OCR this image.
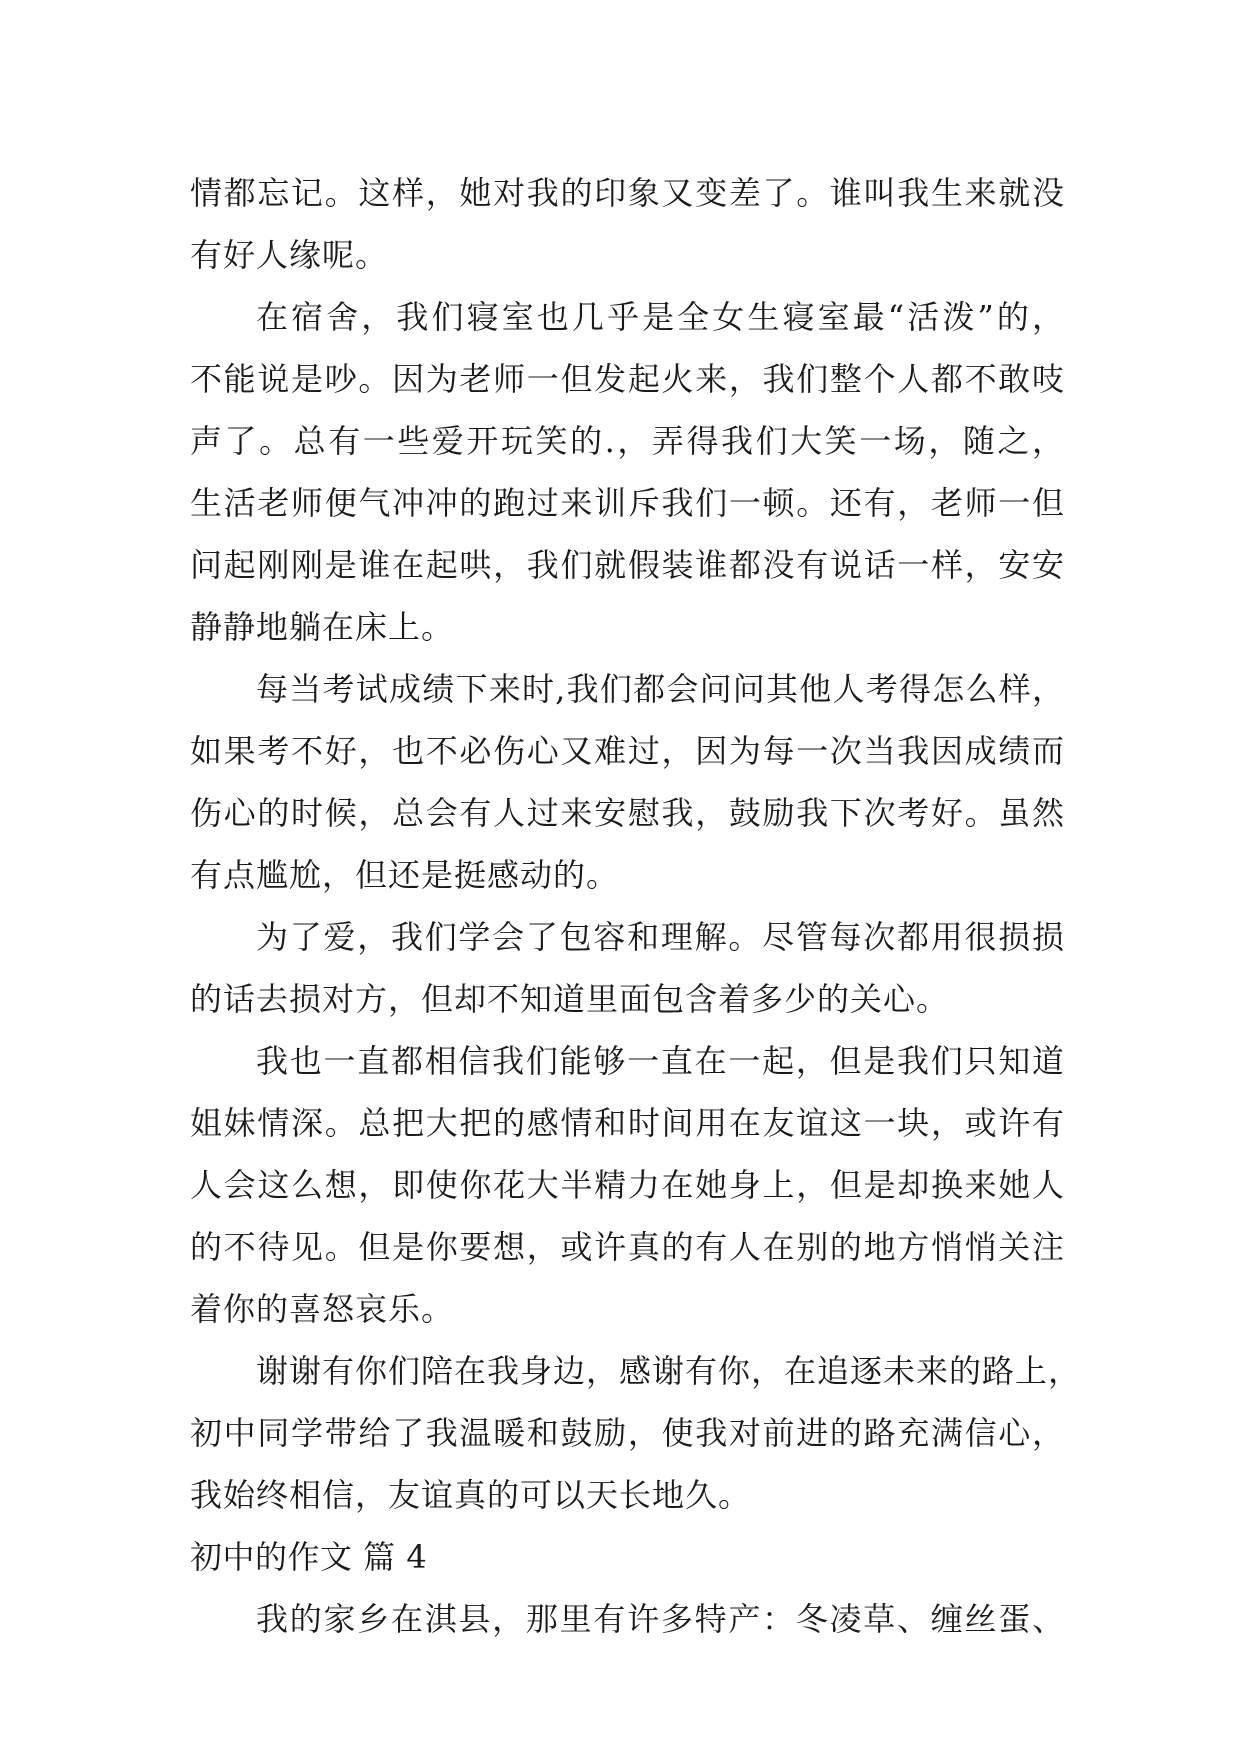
情都忘记。这样，她对我的印象又变差了。谁叫我生来就没
有好人缘呢。
在宿舍，我们寝室也几乎是全女生寝室最“活泼”的，
不能说是吵。因为老师一但发起火来，我们整个人都不敢吱
声了。总有一些爱开玩笑的.，弄得我们大笑一场，随之，
生活老师便气冲冲的跑过来训斥我们一顿。还有，老师一但
问起刚刚是谁在起哄，我们就假装谁都没有说话一样，安安
静静地躺在床上。
每当考试成绩下来时,我们都会问问其他人考得怎么样，
如果考不好，也不必伤心又难过，因为每一次当我因成绩而
伤心的时候，总会有人过来安慰我，鼓励我下次考好。虽然
有点尴尬，但还是挺感动的。
为了爱，我们学会了包容和理解。尽管每次都用很损损
的话去损对方，但却不知道里面包含着多少的关心。
我也一直都相信我们能够一直在一起，但是我们只知道
姐妹情深。总把大把的感情和时间用在友谊这一块，或许有
人会这么想，即使你花大半精力在她身上，但是却换来她人
的不待见。但是你要想，或许真的有人在别的地方悄悄关注
着你的喜怒哀乐。
谢谢有你们陪在我身边，感谢有你，在追逐未来的路上，
初中同学带给了我温暖和鼓励，使我对前进的路充满信心，
我始终相信，友谊真的可以天长地久。
初中的作文 篇 4
我的家乡在淇县，那里有许多特产：冬凌草、缠丝蛋、
